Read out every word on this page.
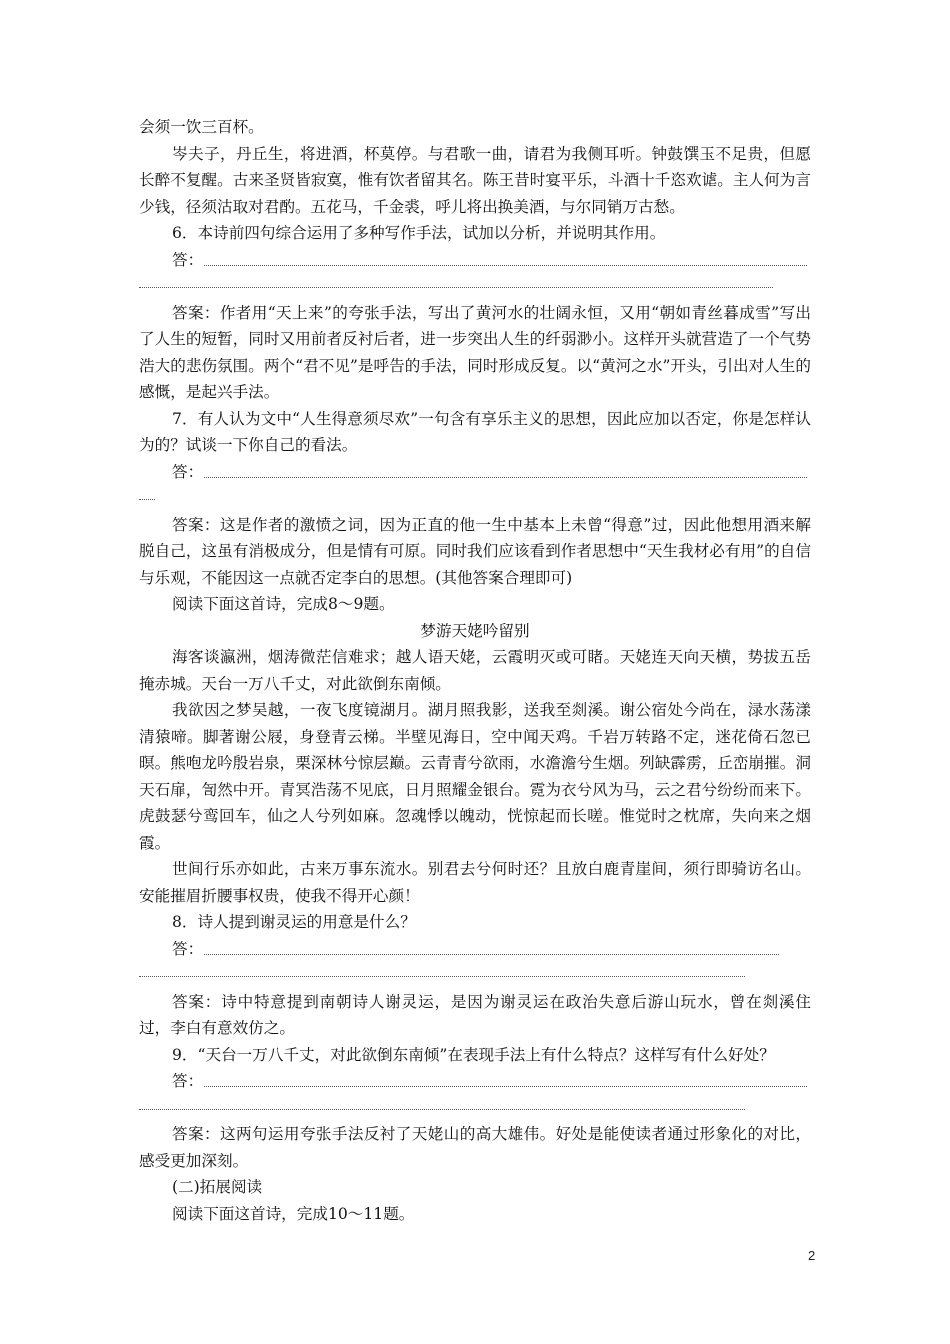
会须一饮三百杯。

岑夫子，丹丘生，将进酒，杯莫停。与君歌一曲，请君为我侧耳听。钟鼓馔玉不足贵，但愿长醉不复醒。古来圣贤皆寂寞，惟有饮者留其名。陈王昔时宴平乐，斗酒十千恣欢谑。主人何为言少钱，径须沽取对君酌。五花马，千金裘，呼儿将出换美酒，与尔同销万古愁。

6．本诗前四句综合运用了多种写作手法，试加以分析，并说明其作用。

答：

答案：作者用“天上来”的夸张手法，写出了黄河水的壮阔永恒，又用“朝如青丝暮成雪”写出了人生的短暂，同时又用前者反衬后者，进一步突出人生的纤弱渺小。这样开头就营造了一个气势浩大的悲伤氛围。两个“君不见”是呼告的手法，同时形成反复。以“黄河之水”开头，引出对人生的感慨，是起兴手法。

7．有人认为文中“人生得意须尽欢”一句含有享乐主义的思想，因此应加以否定，你是怎样认为的？试谈一下你自己的看法。

答：

答案：这是作者的激愤之词，因为正直的他一生中基本上未曾“得意”过，因此他想用酒来解脱自己，这虽有消极成分，但是情有可原。同时我们应该看到作者思想中“天生我材必有用”的自信与乐观，不能因这一点就否定李白的思想。(其他答案合理即可)

阅读下面这首诗，完成8～9题。

梦游天姥吟留别

海客谈瀛洲，烟涛微茫信难求；越人语天姥，云霞明灭或可睹。天姥连天向天横，势拔五岳掩赤城。天台一万八千丈，对此欲倒东南倾。

我欲因之梦吴越，一夜飞度镜湖月。湖月照我影，送我至剡溪。谢公宿处今尚在，渌水荡漾清猿啼。脚著谢公屐，身登青云梯。半壁见海日，空中闻天鸡。千岩万转路不定，迷花倚石忽已暝。熊咆龙吟殷岩泉，栗深林兮惊层巅。云青青兮欲雨，水澹澹兮生烟。列缺霹雳，丘峦崩摧。洞天石扉，訇然中开。青冥浩荡不见底，日月照耀金银台。霓为衣兮风为马，云之君兮纷纷而来下。虎鼓瑟兮鸾回车，仙之人兮列如麻。忽魂悸以魄动，恍惊起而长嗟。惟觉时之枕席，失向来之烟霞。

世间行乐亦如此，古来万事东流水。别君去兮何时还？且放白鹿青崖间，须行即骑访名山。安能摧眉折腰事权贵，使我不得开心颜！

8．诗人提到谢灵运的用意是什么？

答：

答案：诗中特意提到南朝诗人谢灵运，是因为谢灵运在政治失意后游山玩水，曾在剡溪住过，李白有意效仿之。

9．“天台一万八千丈，对此欲倒东南倾”在表现手法上有什么特点？这样写有什么好处？

答：

答案：这两句运用夸张手法反衬了天姥山的高大雄伟。好处是能使读者通过形象化的对比，感受更加深刻。

(二)拓展阅读

阅读下面这首诗，完成10～11题。

2
